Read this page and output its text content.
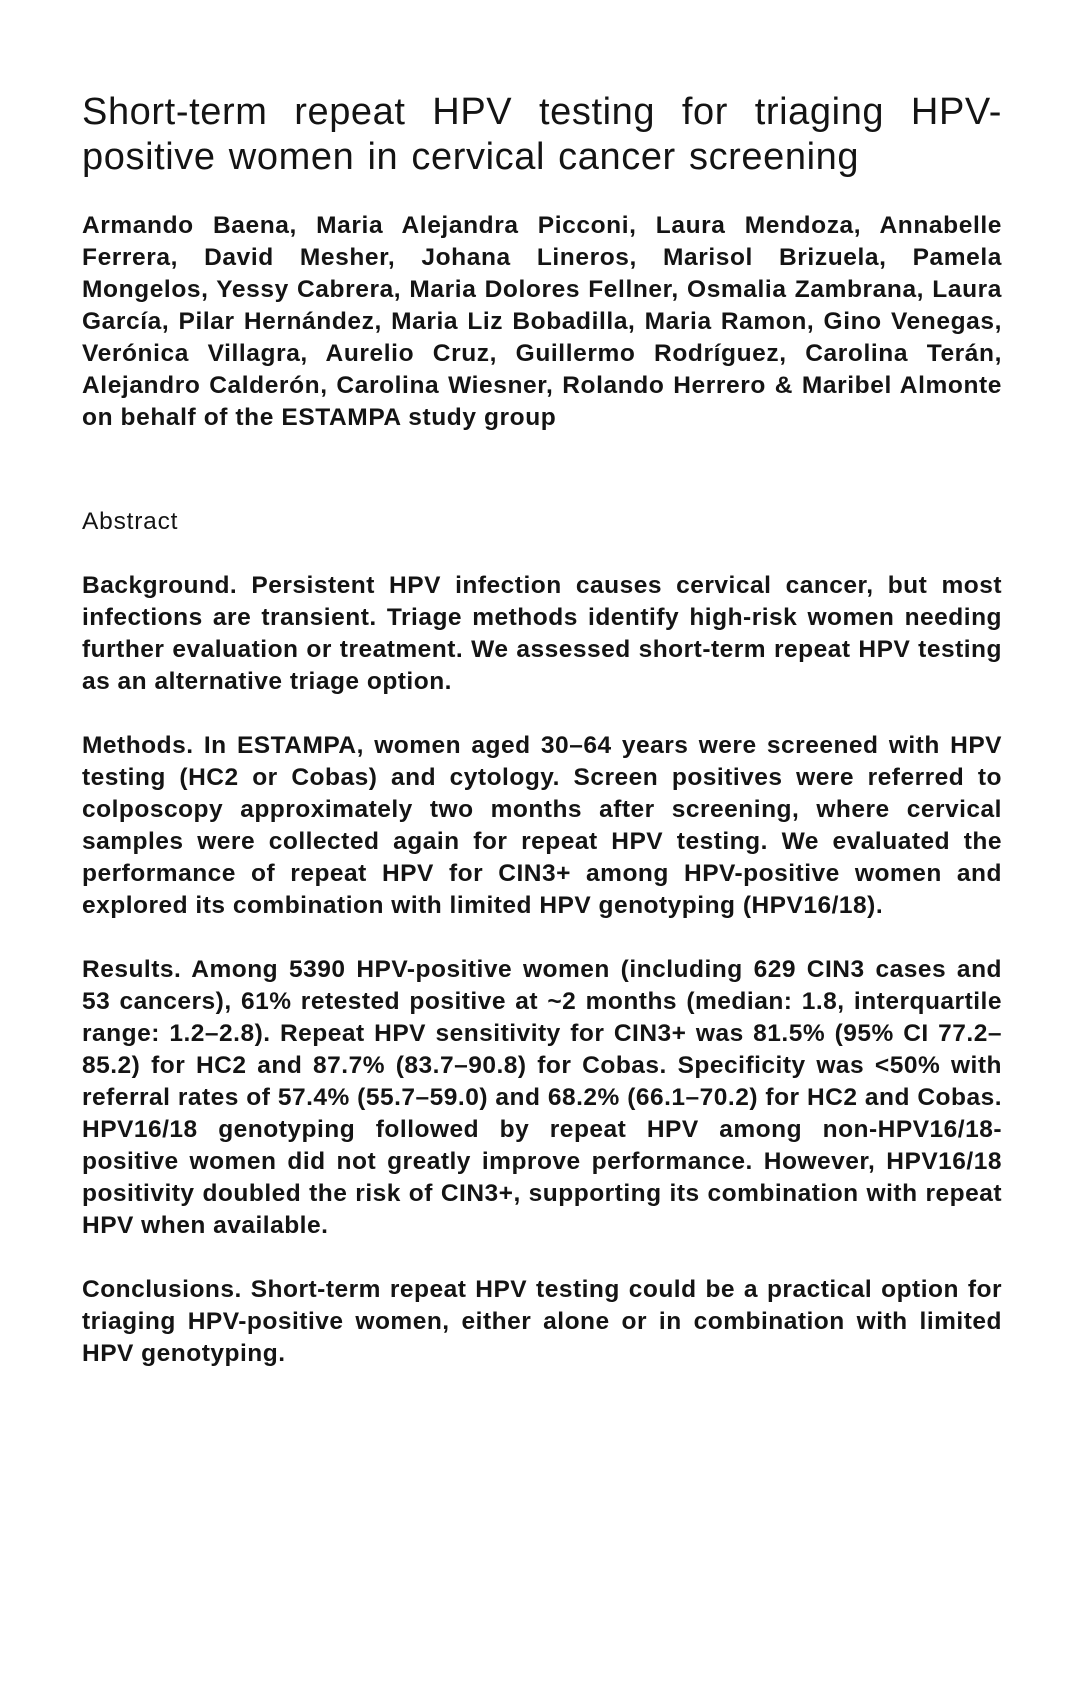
Short-term repeat HPV testing for triaging HPV-positive women in cervical cancer screening

Armando Baena, Maria Alejandra Picconi, Laura Mendoza, Annabelle Ferrera, David Mesher, Johana Lineros, Marisol Brizuela, Pamela Mongelos, Yessy Cabrera, Maria Dolores Fellner, Osmalia Zambrana, Laura García, Pilar Hernández, Maria Liz Bobadilla, Maria Ramon, Gino Venegas, Verónica Villagra, Aurelio Cruz, Guillermo Rodríguez, Carolina Terán, Alejandro Calderón, Carolina Wiesner, Rolando Herrero & Maribel Almonte on behalf of the ESTAMPA study group

Abstract

Background. Persistent HPV infection causes cervical cancer, but most infections are transient. Triage methods identify high-risk women needing further evaluation or treatment. We assessed short-term repeat HPV testing as an alternative triage option.

Methods. In ESTAMPA, women aged 30–64 years were screened with HPV testing (HC2 or Cobas) and cytology. Screen positives were referred to colposcopy approximately two months after screening, where cervical samples were collected again for repeat HPV testing. We evaluated the performance of repeat HPV for CIN3+ among HPV-positive women and explored its combination with limited HPV genotyping (HPV16/18).

Results. Among 5390 HPV-positive women (including 629 CIN3 cases and 53 cancers), 61% retested positive at ~2 months (median: 1.8, interquartile range: 1.2–2.8). Repeat HPV sensitivity for CIN3+ was 81.5% (95% CI 77.2–85.2) for HC2 and 87.7% (83.7–90.8) for Cobas. Specificity was <50% with referral rates of 57.4% (55.7–59.0) and 68.2% (66.1–70.2) for HC2 and Cobas. HPV16/18 genotyping followed by repeat HPV among non-HPV16/18-positive women did not greatly improve performance. However, HPV16/18 positivity doubled the risk of CIN3+, supporting its combination with repeat HPV when available.

Conclusions. Short-term repeat HPV testing could be a practical option for triaging HPV-positive women, either alone or in combination with limited HPV genotyping.
